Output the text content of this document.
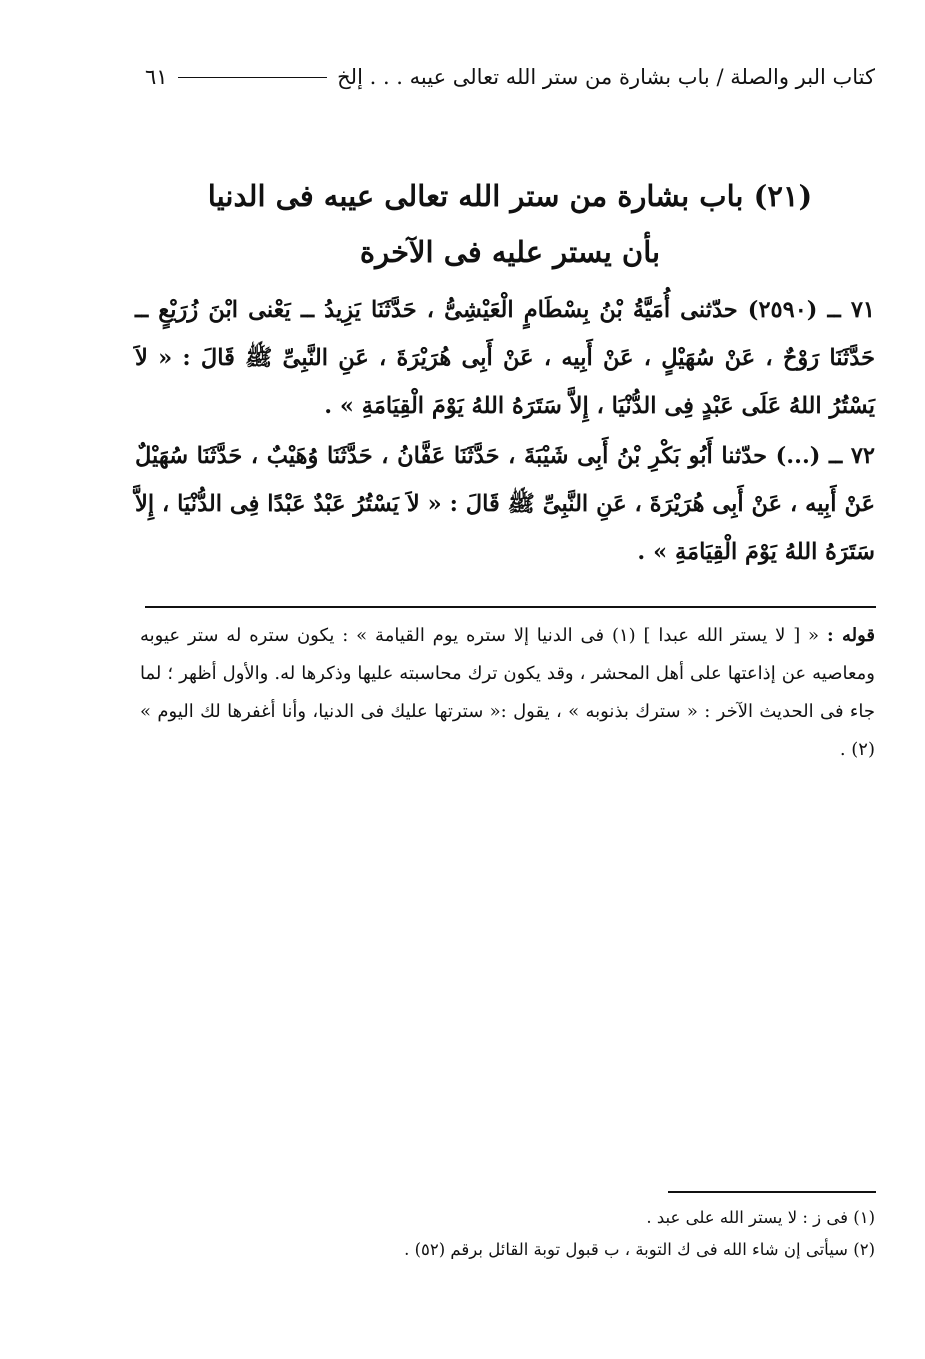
كتاب البر والصلة / باب بشارة من ستر الله تعالى عيبه . . . إلخ
٦١
(٢١) باب بشارة من ستر الله تعالى عيبه فى الدنيا
بأن يستر عليه فى الآخرة

٧١ ــ (٢٥٩٠) حدّثنى أُمَيَّةُ بْنُ بِسْطَامٍ الْعَيْشِىُّ ، حَدَّثَنَا يَزِيدُ ــ يَعْنى ابْنَ زُرَيْعٍ ــ حَدَّثَنَا رَوْحٌ ، عَنْ سُهَيْلٍ ، عَنْ أَبِيه ، عَنْ أَبِى هُرَيْرَةَ ، عَنِ النَّبِىِّ ﷺ قَالَ : « لاَ يَسْتُرُ اللهُ عَلَى عَبْدٍ فِى الدُّنْيَا ، إِلاَّ سَتَرَهُ اللهُ يَوْمَ الْقِيَامَةِ » .

٧٢ ــ (...) حدّثنا أَبُو بَكْرِ بْنُ أَبِى شَيْبَةَ ، حَدَّثَنَا عَفَّانُ ، حَدَّثَنَا وُهَيْبٌ ، حَدَّثَنَا سُهَيْلٌ عَنْ أَبِيه ، عَنْ أَبِى هُرَيْرَةَ ، عَنِ النَّبِىِّ ﷺ قَالَ : « لاَ يَسْتُرُ عَبْدٌ عَبْدًا فِى الدُّنْيَا ، إِلاَّ سَتَرَهُ اللهُ يَوْمَ الْقِيَامَةِ » .

قوله : « [ لا يستر الله عبدا ] (١) فى الدنيا إلا ستره يوم القيامة » : يكون ستره له ستر عيوبه ومعاصيه عن إذاعتها على أهل المحشر ، وقد يكون ترك محاسبته عليها وذكرها له. والأول أظهر ؛ لما جاء فى الحديث الآخر : « سترك بذنوبه » ، يقول :« سترتها عليك فى الدنيا، وأنا أغفرها لك اليوم » (٢) .

(١) فى ز : لا يستر الله على عبد .
(٢) سيأتى إن شاء الله فى ك التوبة ، ب قبول توبة القائل برقم (٥٢) .
